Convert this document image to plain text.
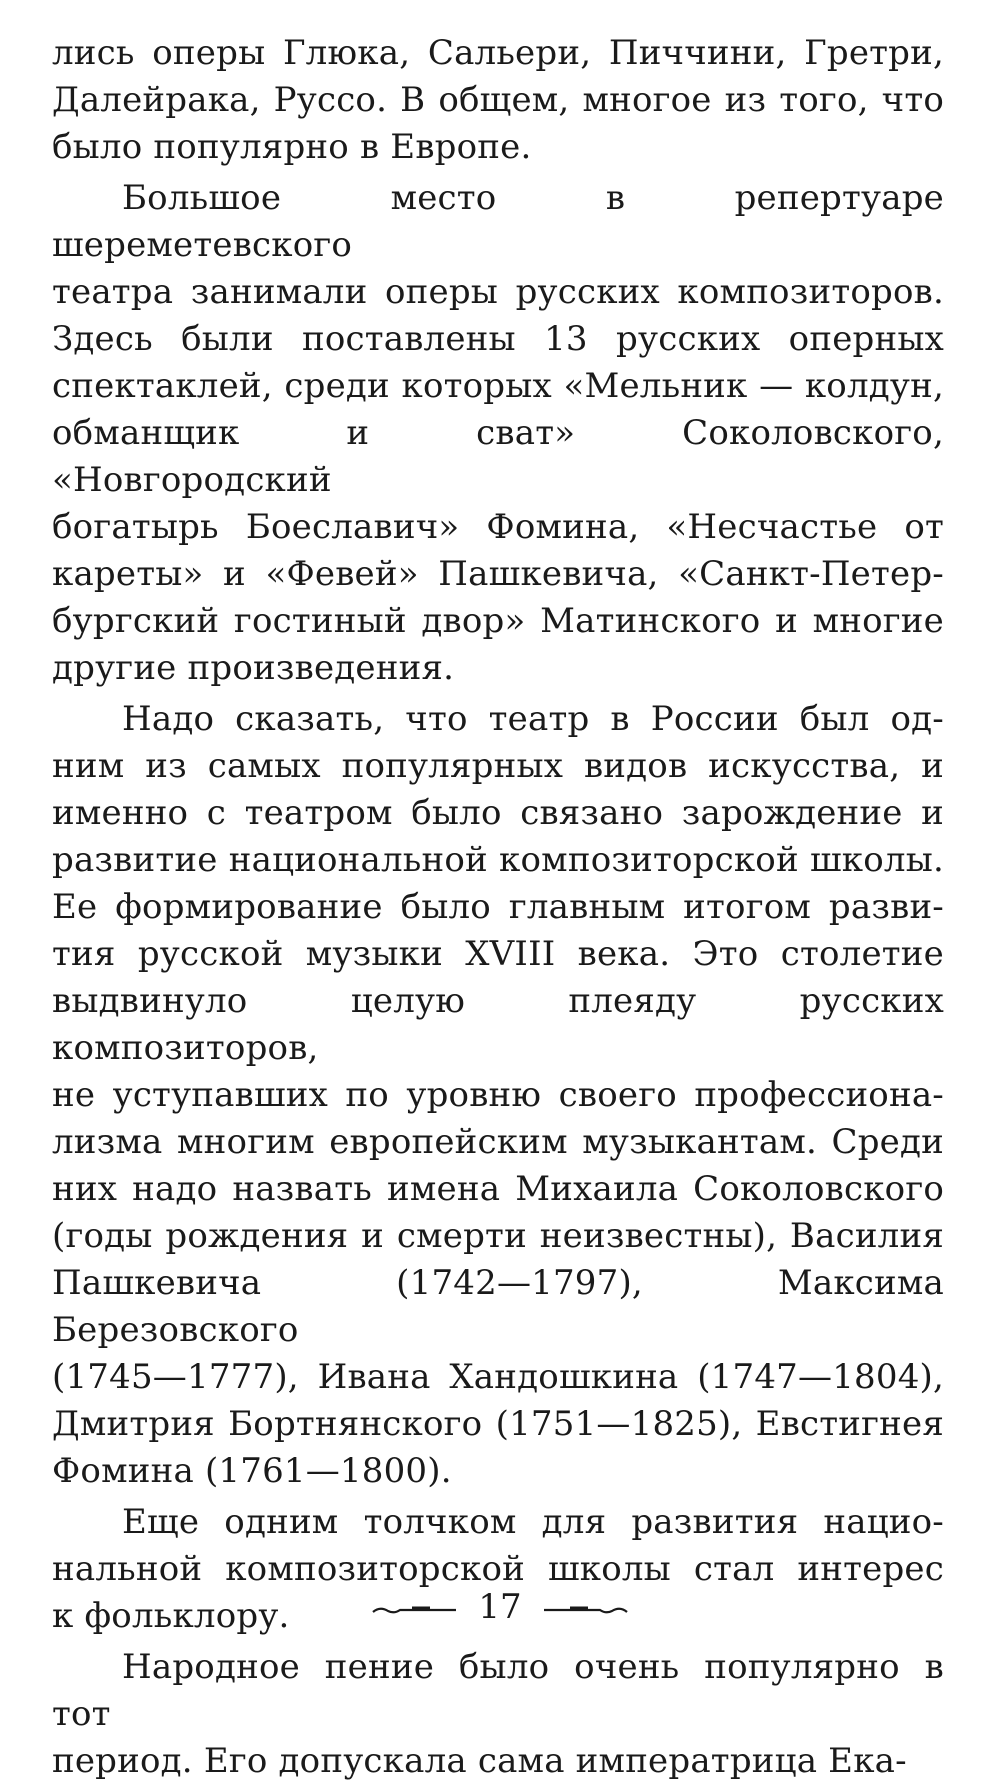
лись оперы Глюка, Сальери, Пиччини, Гретри,
Далейрака, Руссо. В общем, многое из того, что
было популярно в Европе.

Большое место в репертуаре шереметевского
театра занимали оперы русских композиторов.
Здесь были поставлены 13 русских оперных
спектаклей, среди которых «Мельник — колдун,
обманщик и сват» Соколовского, «Новгородский
богатырь Боеславич» Фомина, «Несчастье от
кареты» и «Февей» Пашкевича, «Санкт-Петер-
бургский гостиный двор» Матинского и многие
другие произведения.

Надо сказать, что театр в России был од-
ним из самых популярных видов искусства, и
именно с театром было связано зарождение и
развитие национальной композиторской школы.
Ее формирование было главным итогом разви-
тия русской музыки XVIII века. Это столетие
выдвинуло целую плеяду русских композиторов,
не уступавших по уровню своего профессиона-
лизма многим европейским музыкантам. Среди
них надо назвать имена Михаила Соколовского
(годы рождения и смерти неизвестны), Василия
Пашкевича (1742—1797), Максима Березовского
(1745—1777), Ивана Хандошкина (1747—1804),
Дмитрия Бортнянского (1751—1825), Евстигнея
Фомина (1761—1800).

Еще одним толчком для развития нацио-
нальной композиторской школы стал интерес
к фольклору.

Народное пение было очень популярно в тот
период. Его допускала сама императрица Ека-

17
